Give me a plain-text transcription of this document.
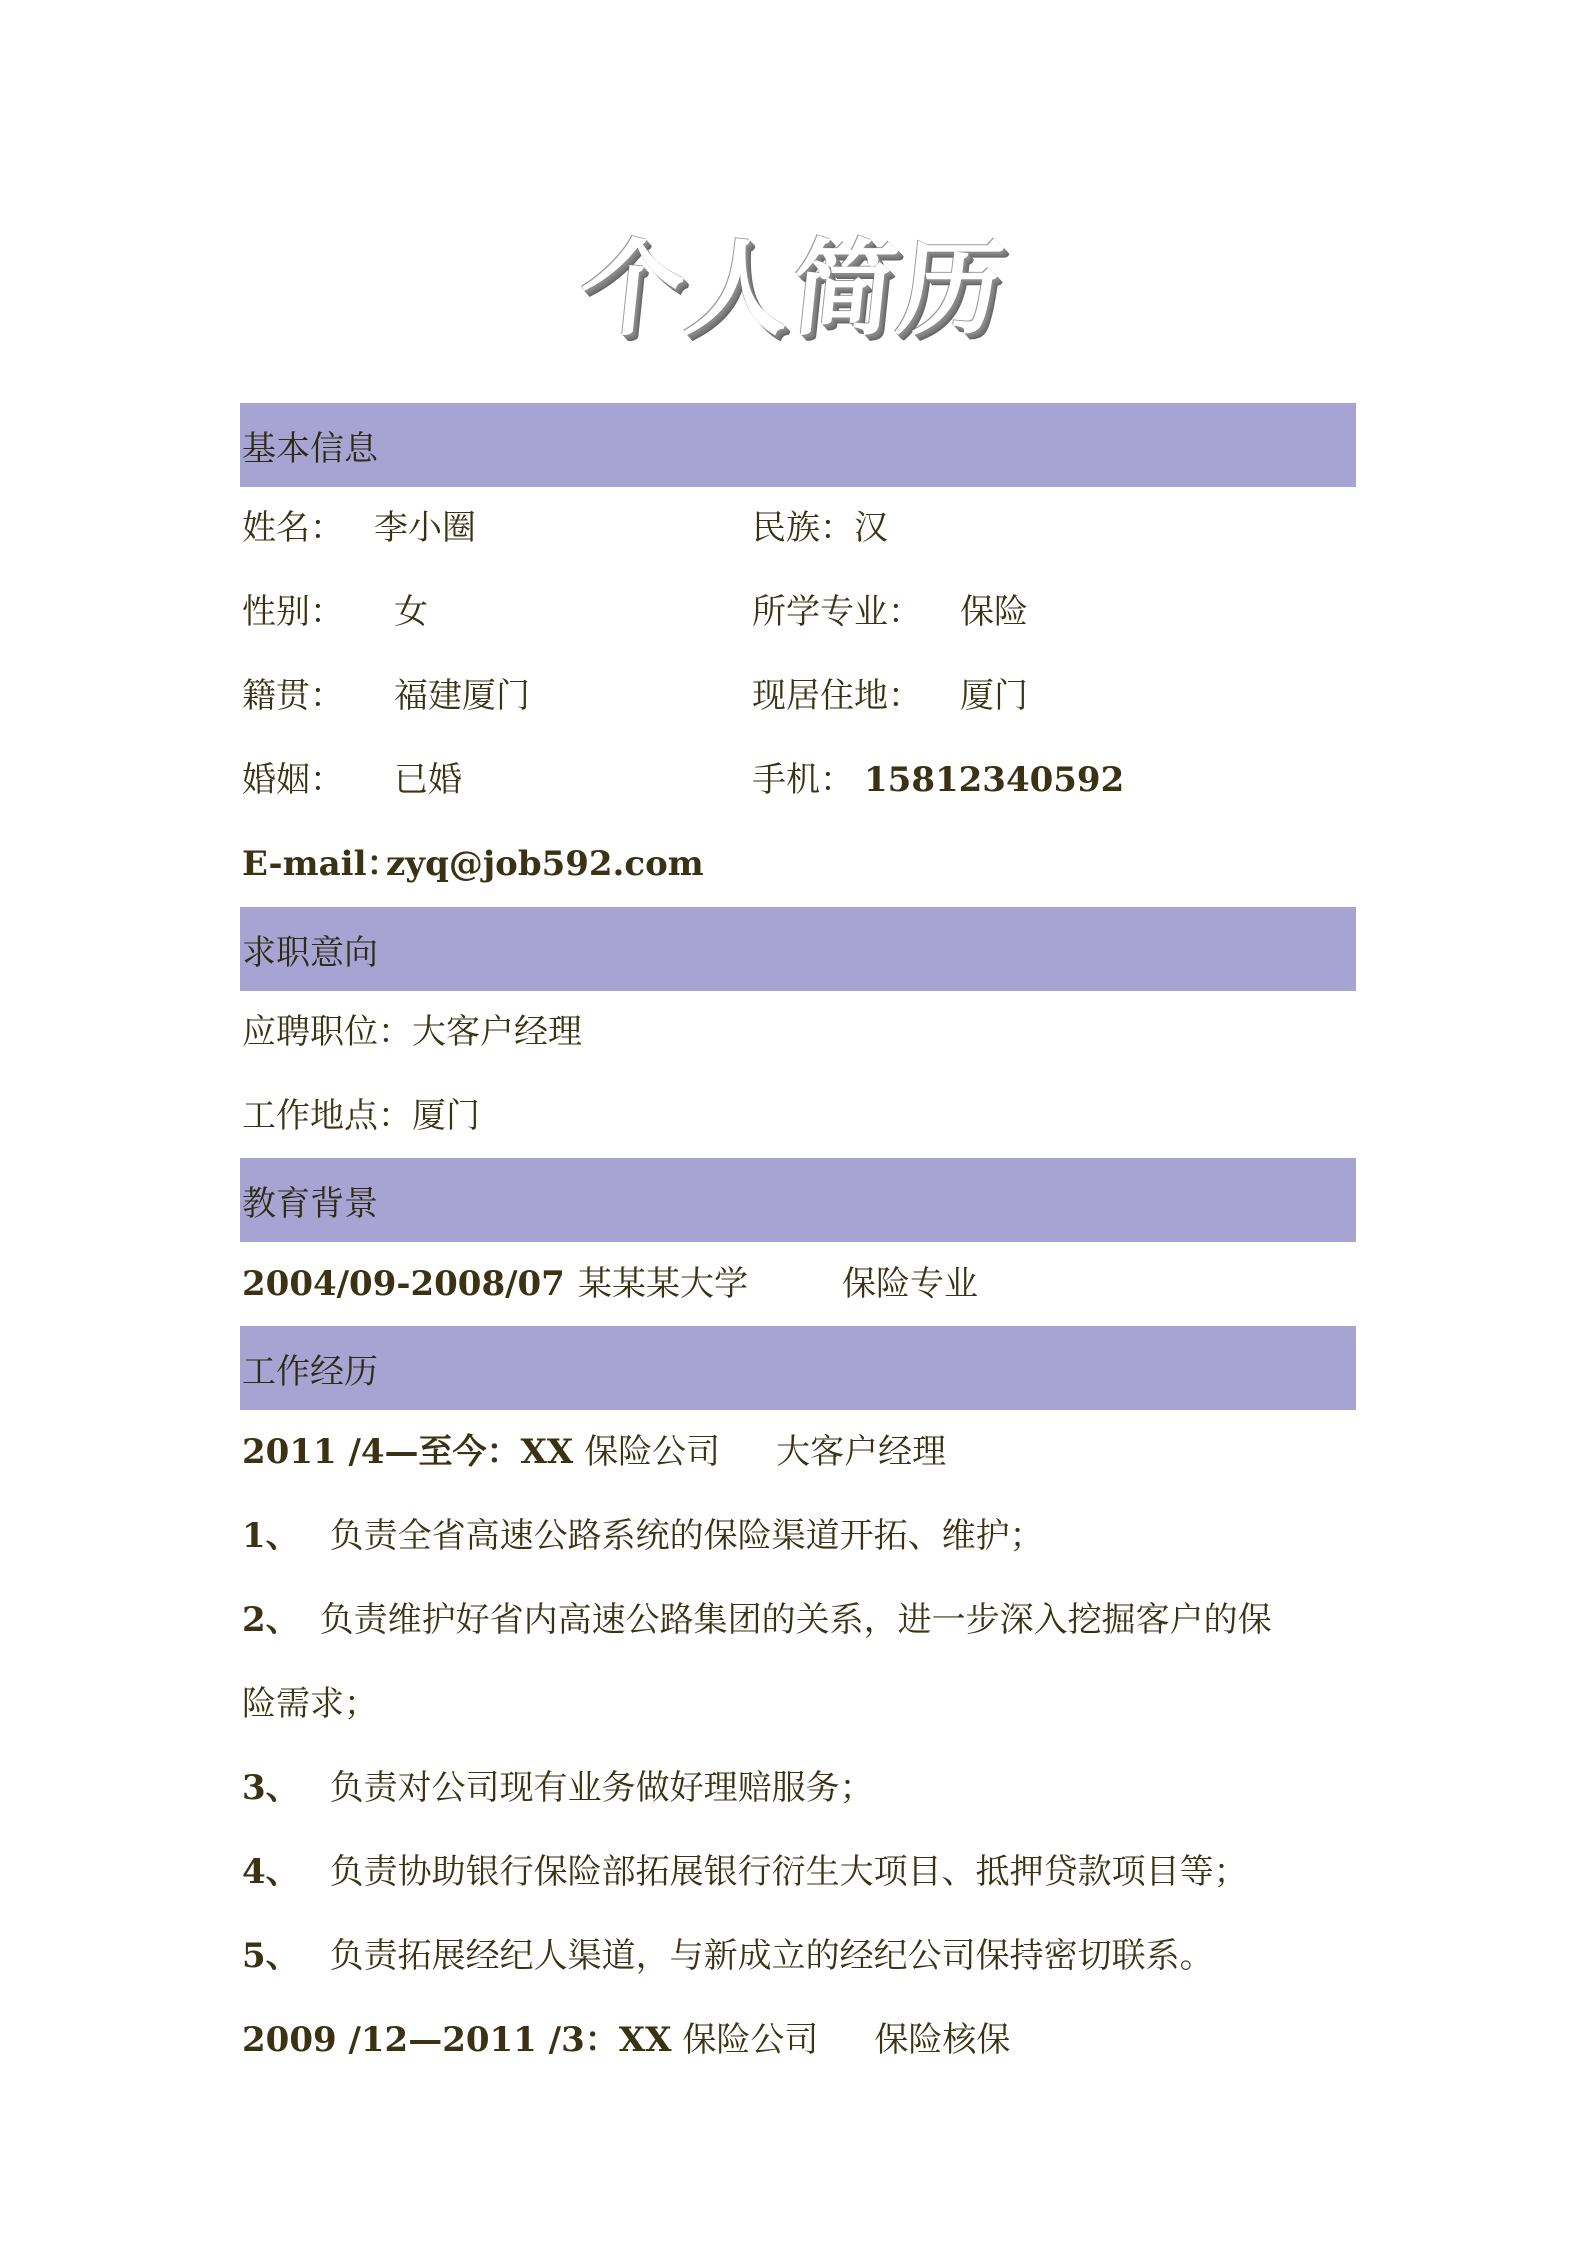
个人简历
基本信息
姓名： 李小圈	民族：汉
性别： 女	所学专业： 保险
籍贯： 福建厦门	现居住地： 厦门
婚姻： 已婚	手机： 15812340592
E-mail：
zyq@job592.com
求职意向
应聘职位：大客户经理
工作地点：厦门
教育背景
2004/09-2008/07 某某某大学	保险专业
工作经历
2011 /4—至今：XX 保险公司 大客户经理
1、 负责全省高速公路系统的保险渠道开拓、维护；
2、 负责维护好省内高速公路集团的关系，进一步深入挖掘客户的保
险需求；
3、 负责对公司现有业务做好理赔服务；
4、 负责协助银行保险部拓展银行衍生大项目、抵押贷款项目等；
5、 负责拓展经纪人渠道，与新成立的经纪公司保持密切联系。
2009 /12—2011 /3：XX 保险公司 保险核保
